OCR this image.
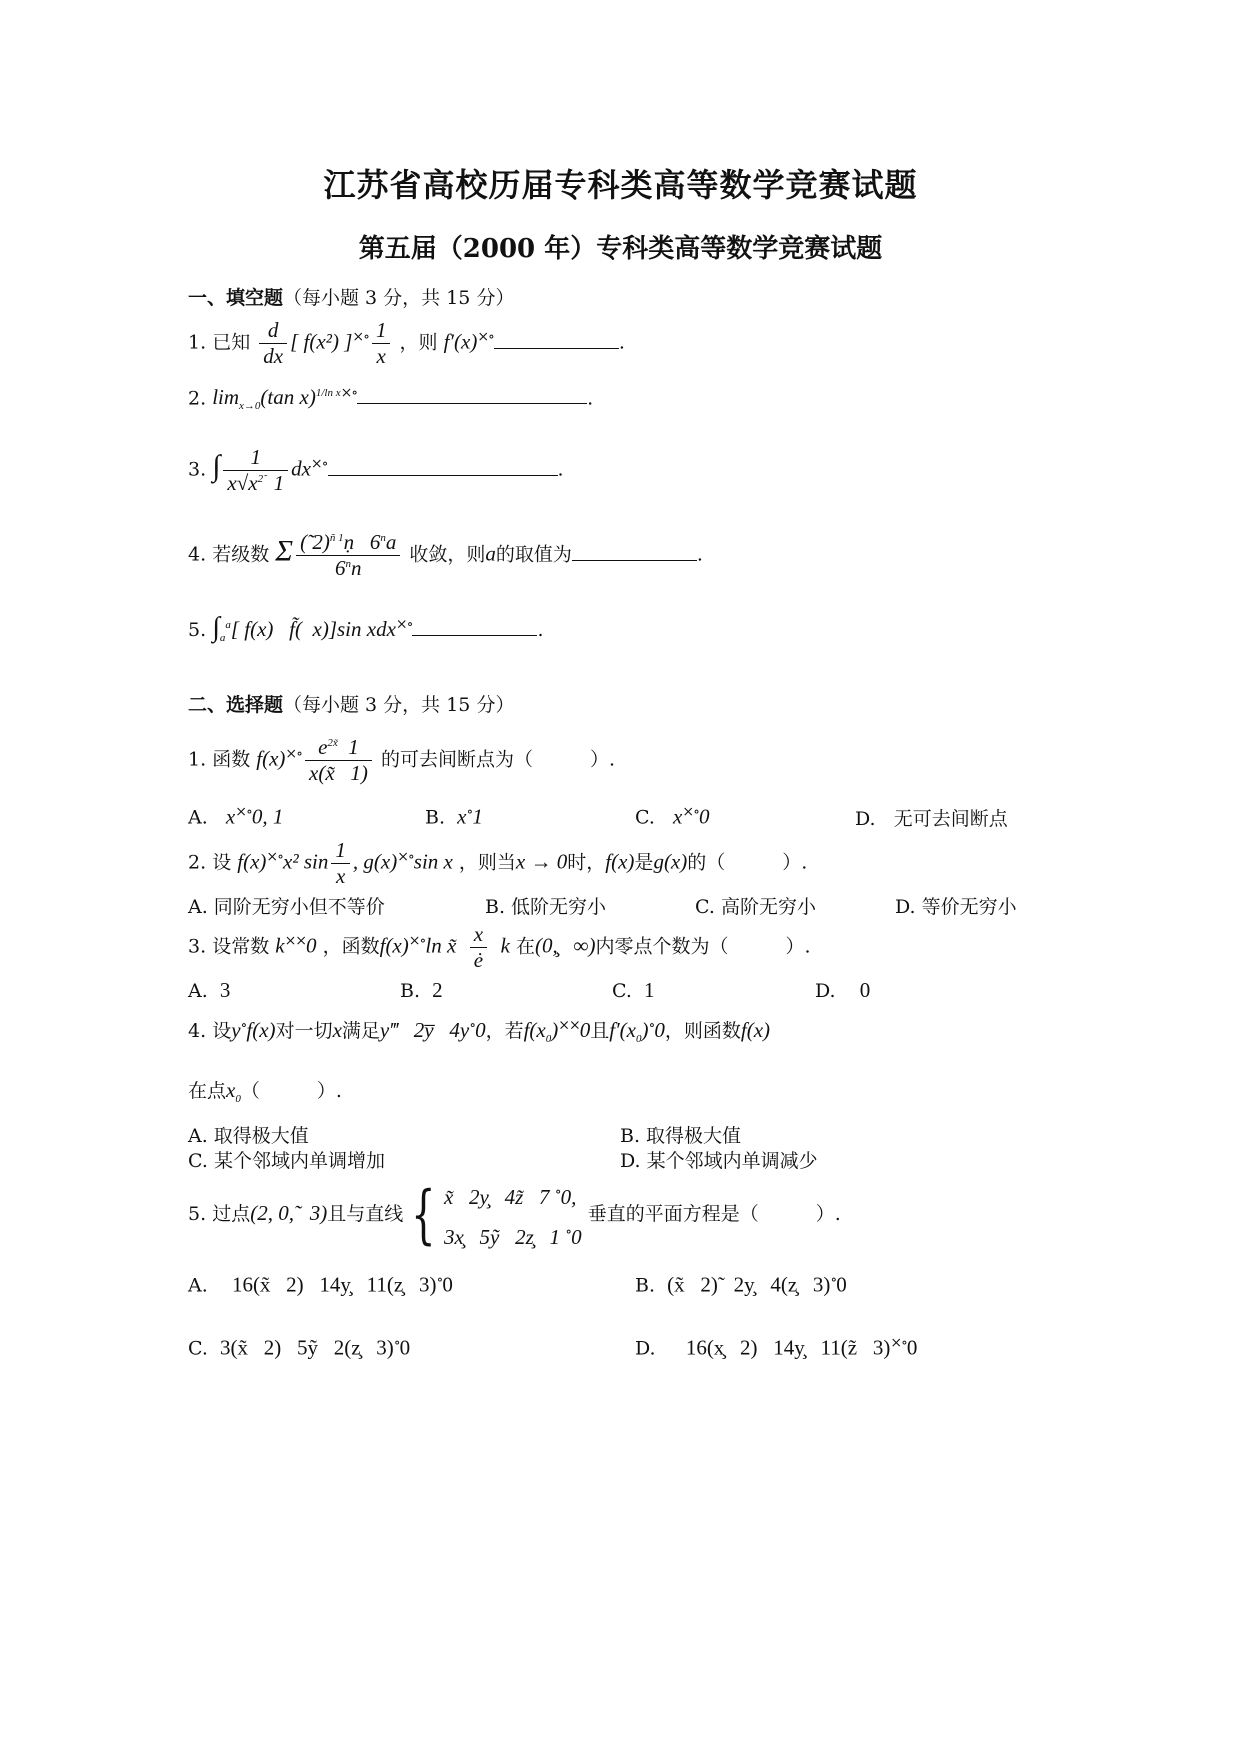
江苏省高校历届专科类高等数学竞赛试题
第五届（2000 年）专科类高等数学竞赛试题
一、填空题（每小题 3 分，共 15 分）
1. 已知 $\frac{d}{dx}$ [ f(x²) ]$^{\times\circ} \frac{1}{x}$ ，则 f′(x)×∘	.
2. $\lim_{x\to 0}(\tan$ x)$^{1/ln x\times\circ}$	.
3. ∫ $\frac{1}{x√x^{2̃} 1} dx^{\times\circ}$	.
4. 若级数 Σ $\frac{(̃ 2)^{ñ 1}ṇ 6^na}{6^nn}$ 收敛，则a的取值为	.
5. $\int_a^a$[ f(x)   f̃(  x)]sin xdx×∘	.
二、选择题（每小题 3 分，共 15 分）
1. 函数 $f(x)^{\times\circ} \frac{e^{2x̃} 1}{x(x̃ 1)}$ 的可去间断点为（　　　）.
A. x×∘0, 1	B. x∘1	C. x×∘0	D. 无可去间断点
2. 设 f(x)×∘x² $\sin \frac{1}{x}$ , g(x)×∘sin x ，则当x → 0时，f(x)是g(x)的（　　　）.
A. 同阶无穷小但不等价	B. 低阶无穷小	C. 高阶无穷小	D. 等价无穷小
3. 设常数 k××0 ，函数f(x)×∘ln x̃ $\frac{x}{ė}$ k 在(0,̧   ∞)内零点个数为（　　　）.
A. 3	B. 2	C. 1	D. 0
4. 设y∘f(x)对一切x满足y‴   2y̅   4y∘0，若$f(x_0)^{\times\times}0$且$f'(x_0)^\circ 0$，则函数f(x)
在点$x_0$（　　　）.
A. 取得极大值	B. 取得极大值
C. 某个邻域内单调增加	D. 某个邻域内单调减少
5. 过点(2, 0,̃   3)且与直线 { x̃   2y̧   4z̃   7 ∘0,
3x̧   5ỹ   2z̧   1 ∘0 垂直的平面方程是（　　　）.
A. 16(x̃   2)   14y̧   11(z̧   3)∘0	B. (x̃   2)̃   2y̧   4(z̧   3)∘0
C. 3(x̃   2)   5ỹ   2(z̧   3)∘0	D. 16(x̧   2)   14y̧   11(z̃   3)×∘0
